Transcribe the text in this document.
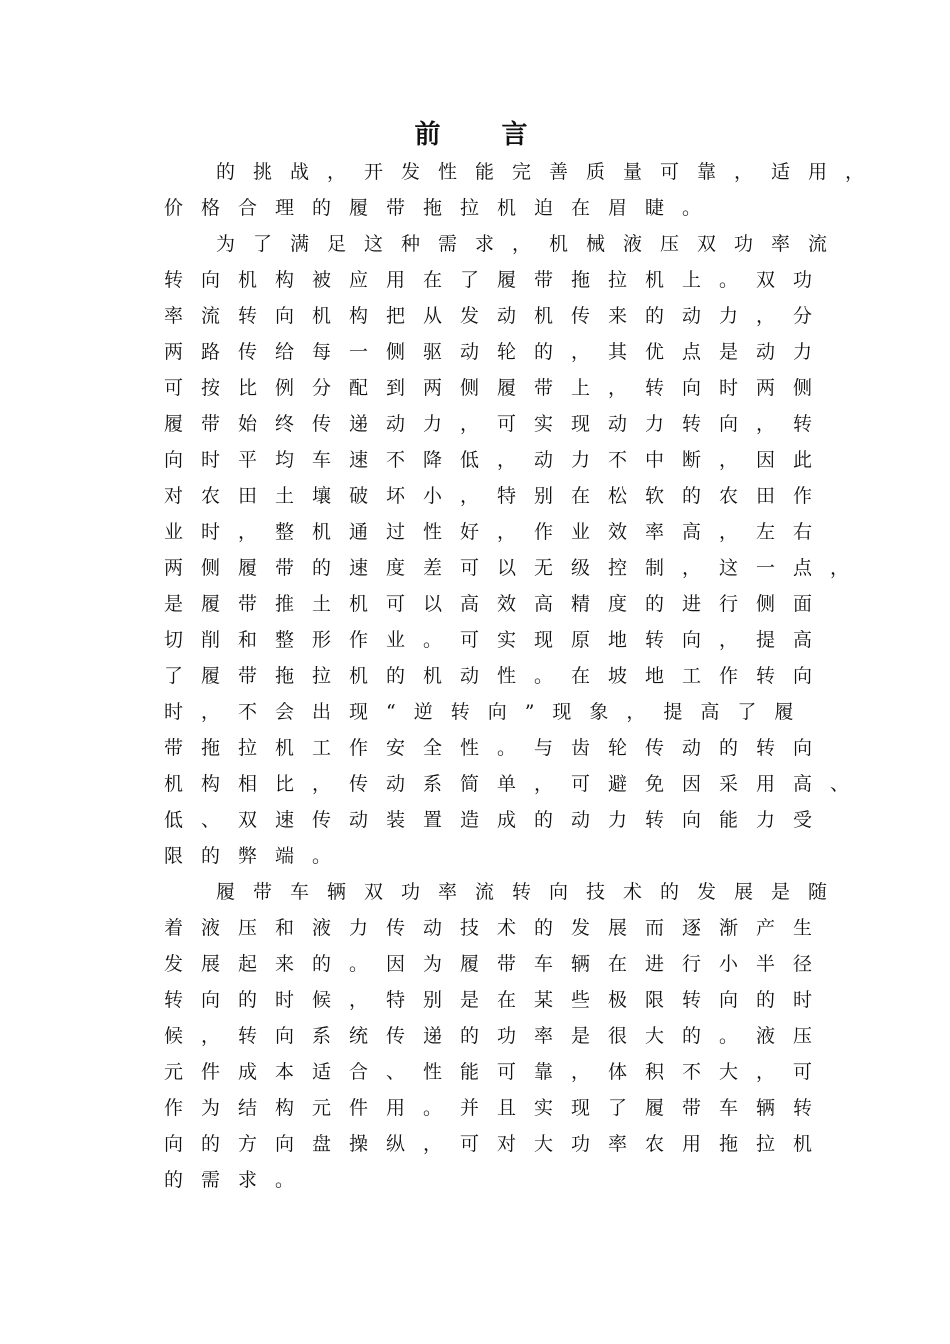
前 言
的挑战，开发性能完善质量可靠，适用，
价格合理的履带拖拉机迫在眉睫。
为了满足这种需求，机械液压双功率流
转向机构被应用在了履带拖拉机上。双功
率流转向机构把从发动机传来的动力，分
两路传给每一侧驱动轮的，其优点是动力
可按比例分配到两侧履带上，转向时两侧
履带始终传递动力，可实现动力转向，转
向时平均车速不降低，动力不中断，因此
对农田土壤破坏小，特别在松软的农田作
业时，整机通过性好，作业效率高，左右
两侧履带的速度差可以无级控制，这一点，
是履带推土机可以高效高精度的进行侧面
切削和整形作业。可实现原地转向，提高
了履带拖拉机的机动性。在坡地工作转向
时，不会出现“逆转向”现象，提高了履
带拖拉机工作安全性。与齿轮传动的转向
机构相比，传动系简单，可避免因采用高、
低、双速传动装置造成的动力转向能力受
限的弊端。
履带车辆双功率流转向技术的发展是随
着液压和液力传动技术的发展而逐渐产生
发展起来的。因为履带车辆在进行小半径
转向的时候，特别是在某些极限转向的时
候，转向系统传递的功率是很大的。液压
元件成本适合、性能可靠，体积不大，可
作为结构元件用。并且实现了履带车辆转
向的方向盘操纵，可对大功率农用拖拉机
的需求。
